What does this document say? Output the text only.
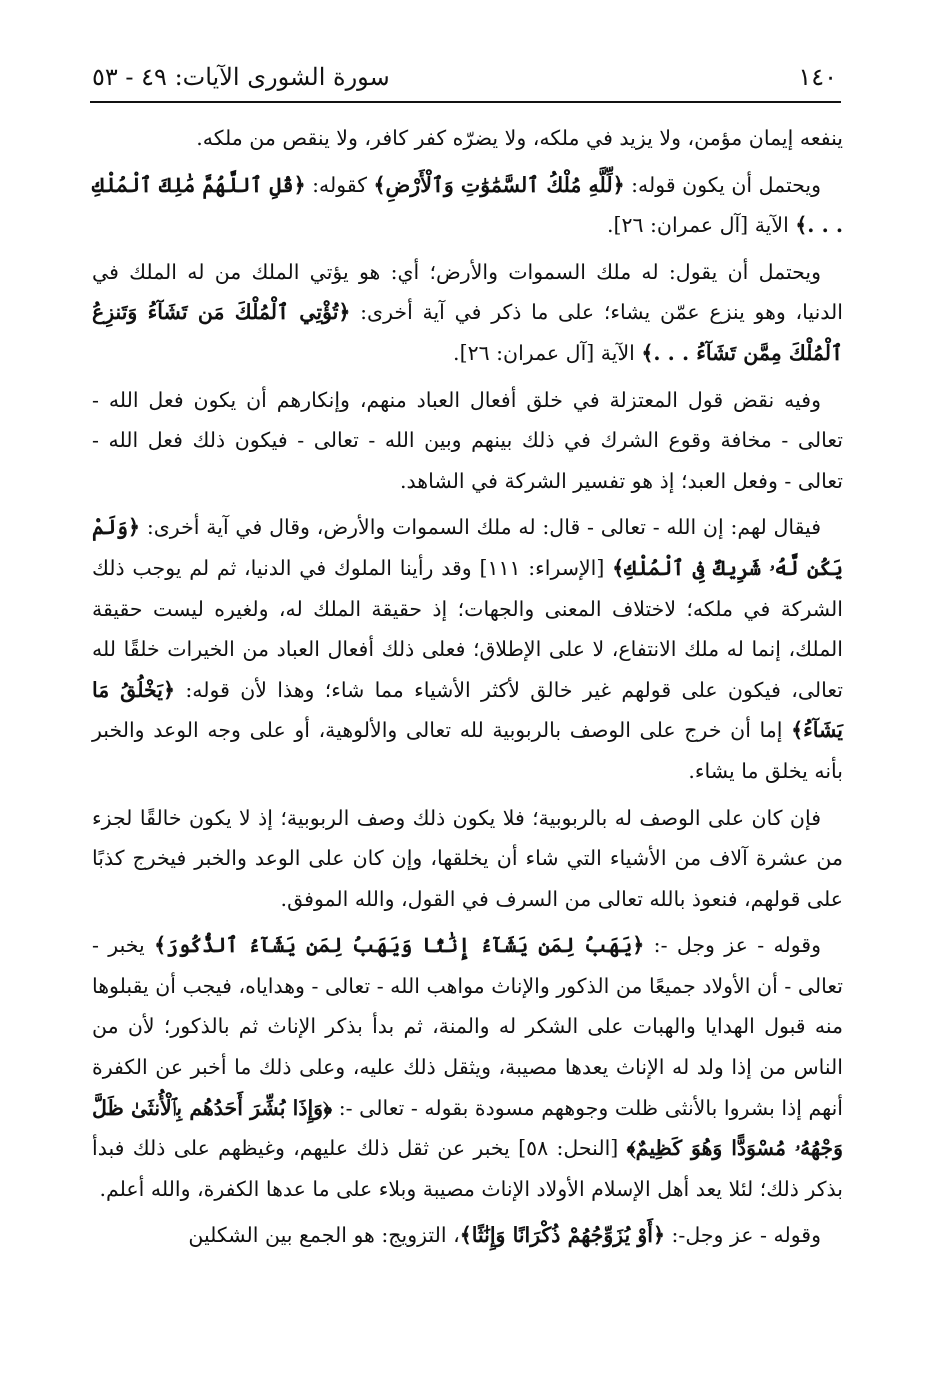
١٤٠
سورة الشورى الآيات: ٤٩ - ٥٣

ينفعه إيمان مؤمن، ولا يزيد في ملكه، ولا يضرّه كفر كافر، ولا ينقص من ملكه.

ويحتمل أن يكون قوله: ﴿لِّلَّهِ مُلْكُ ٱلسَّمَٰوَٰتِ وَٱلْأَرْضِ﴾ كقوله: ﴿قُلِ ٱللَّهُمَّ مَٰلِكَ ٱلْمُلْكِ . . .﴾ الآية [آل عمران: ٢٦].

ويحتمل أن يقول: له ملك السموات والأرض؛ أي: هو يؤتي الملك من له الملك في الدنيا، وهو ينزع عمّن يشاء؛ على ما ذكر في آية أخرى: ﴿تُؤْتِي ٱلْمُلْكَ مَن تَشَآءُ وَتَنزِعُ ٱلْمُلْكَ مِمَّن تَشَآءُ . . .﴾ الآية [آل عمران: ٢٦].

وفيه نقض قول المعتزلة في خلق أفعال العباد منهم، وإنكارهم أن يكون فعل الله - تعالى - مخافة وقوع الشرك في ذلك بينهم وبين الله - تعالى - فيكون ذلك فعل الله - تعالى - وفعل العبد؛ إذ هو تفسير الشركة في الشاهد.

فيقال لهم: إن الله - تعالى - قال: له ملك السموات والأرض، وقال في آية أخرى: ﴿وَلَمْ يَكُن لَّهُۥ شَرِيكٌ فِى ٱلْمُلْكِ﴾ [الإسراء: ١١١] وقد رأينا الملوك في الدنيا، ثم لم يوجب ذلك الشركة في ملكه؛ لاختلاف المعنى والجهات؛ إذ حقيقة الملك له، ولغيره ليست حقيقة الملك، إنما له ملك الانتفاع، لا على الإطلاق؛ فعلى ذلك أفعال العباد من الخيرات خلقًا لله تعالى، فيكون على قولهم غير خالق لأكثر الأشياء مما شاء؛ وهذا لأن قوله: ﴿يَخْلُقُ مَا يَشَآءُ﴾ إما أن خرج على الوصف بالربوبية لله تعالى والألوهية، أو على وجه الوعد والخبر بأنه يخلق ما يشاء.

فإن كان على الوصف له بالربوبية؛ فلا يكون ذلك وصف الربوبية؛ إذ لا يكون خالقًا لجزء من عشرة آلاف من الأشياء التي شاء أن يخلقها، وإن كان على الوعد والخبر فيخرج كذبًا على قولهم، فنعوذ بالله تعالى من السرف في القول، والله الموفق.

وقوله - عز وجل -: ﴿يَهَبُ لِمَن يَشَآءُ إِنَٰثًا وَيَهَبُ لِمَن يَشَآءُ ٱلذُّكُورَ﴾ يخبر - تعالى - أن الأولاد جميعًا من الذكور والإناث مواهب الله - تعالى - وهداياه، فيجب أن يقبلوها منه قبول الهدايا والهبات على الشكر له والمنة، ثم بدأ بذكر الإناث ثم بالذكور؛ لأن من الناس من إذا ولد له الإناث يعدها مصيبة، ويثقل ذلك عليه، وعلى ذلك ما أخبر عن الكفرة أنهم إذا بشروا بالأنثى ظلت وجوههم مسودة بقوله - تعالى -: ﴿وَإِذَا بُشِّرَ أَحَدُهُم بِٱلْأُنثَىٰ ظَلَّ وَجْهُهُۥ مُسْوَدًّا وَهُوَ كَظِيمٌ﴾ [النحل: ٥٨] يخبر عن ثقل ذلك عليهم، وغيظهم على ذلك فبدأ بذكر ذلك؛ لئلا يعد أهل الإسلام الأولاد الإناث مصيبة وبلاء على ما عدها الكفرة، والله أعلم.

وقوله - عز وجل-: ﴿أَوْ يُزَوِّجُهُمْ ذُكْرَانًا وَإِنَٰثًا﴾، التزويج: هو الجمع بين الشكلين
